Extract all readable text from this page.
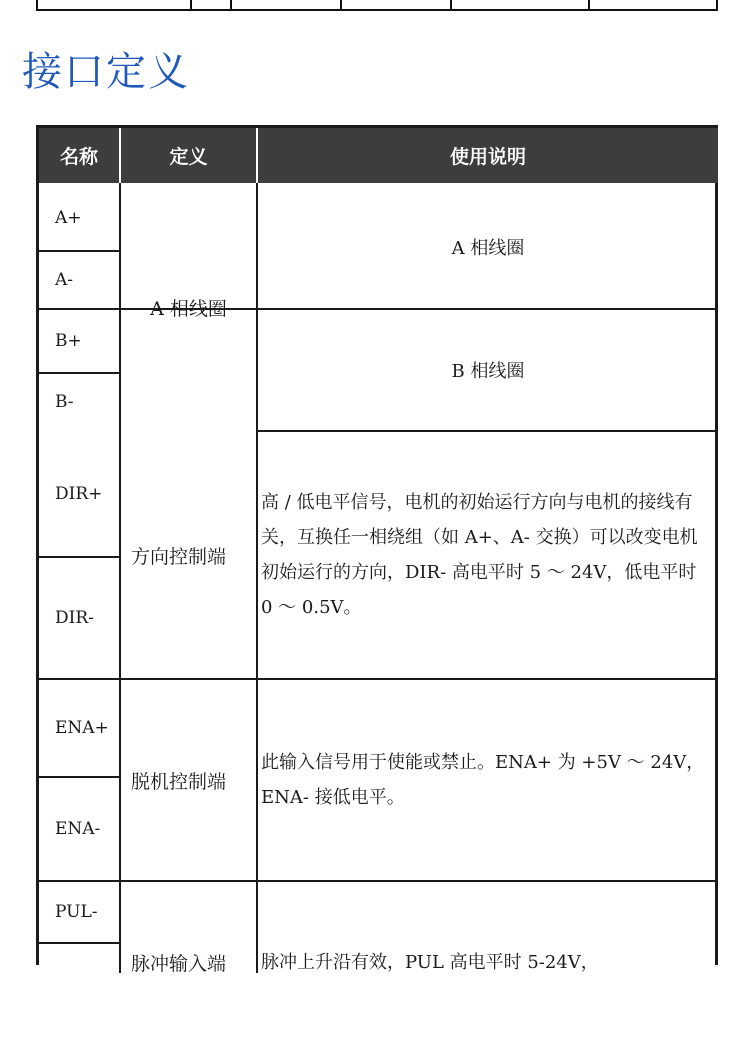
接口定义
名称	定义	使用说明
A+
A-
B+
B-
DIR+
DIR-
ENA+
ENA-
PUL-
A 相线圈
方向控制端
脱机控制端
脉冲输入端
A 相线圈
B 相线圈
高 / 低电平信号，电机的初始运行方向与电机的接线有关，互换任一相绕组（如 A+、A- 交换）可以改变电机初始运行的方向，DIR- 高电平时 5 ～ 24V，低电平时 0 ～ 0.5V。
此输入信号用于使能或禁止。ENA+ 为 +5V ～ 24V，ENA- 接低电平。
脉冲上升沿有效，PUL 高电平时 5-24V，
